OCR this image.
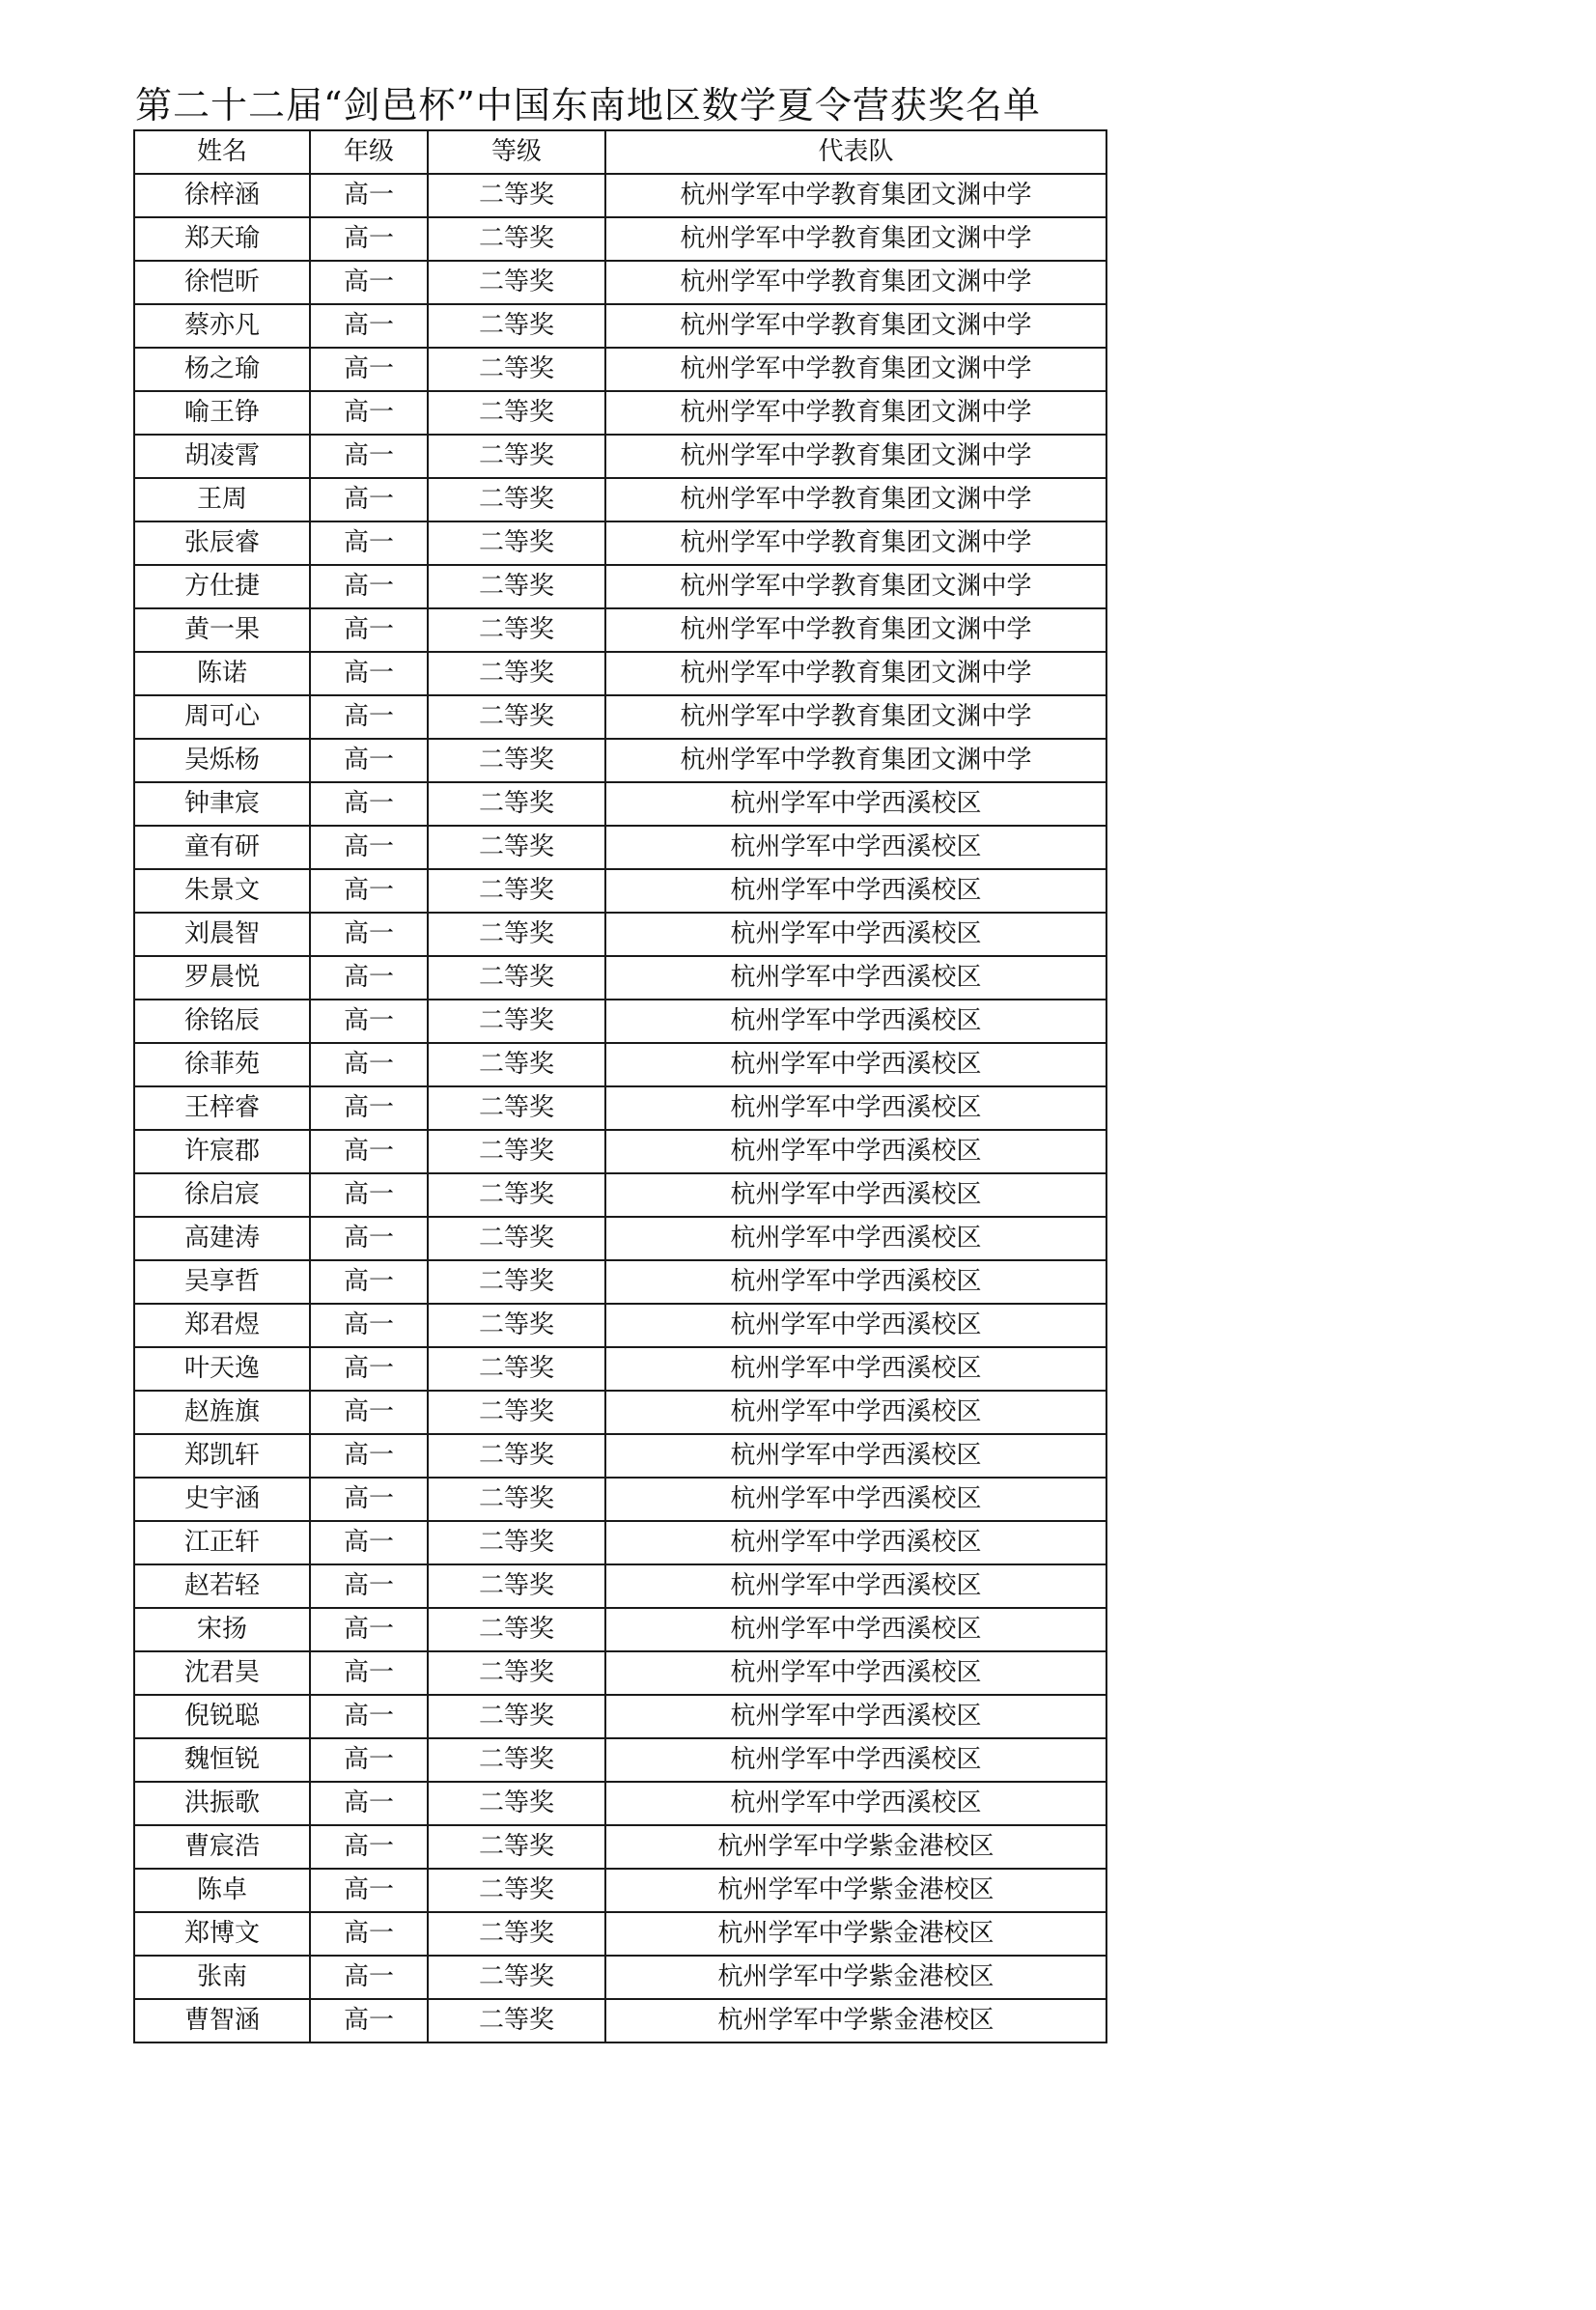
第二十二届“剑邑杯”中国东南地区数学夏令营获奖名单
姓名	年级	等级	代表队
徐梓涵	高一	二等奖	杭州学军中学教育集团文渊中学
郑天瑜	高一	二等奖	杭州学军中学教育集团文渊中学
徐恺昕	高一	二等奖	杭州学军中学教育集团文渊中学
蔡亦凡	高一	二等奖	杭州学军中学教育集团文渊中学
杨之瑜	高一	二等奖	杭州学军中学教育集团文渊中学
喻王铮	高一	二等奖	杭州学军中学教育集团文渊中学
胡凌霄	高一	二等奖	杭州学军中学教育集团文渊中学
王周	高一	二等奖	杭州学军中学教育集团文渊中学
张辰睿	高一	二等奖	杭州学军中学教育集团文渊中学
方仕捷	高一	二等奖	杭州学军中学教育集团文渊中学
黄一果	高一	二等奖	杭州学军中学教育集团文渊中学
陈诺	高一	二等奖	杭州学军中学教育集团文渊中学
周可心	高一	二等奖	杭州学军中学教育集团文渊中学
吴烁杨	高一	二等奖	杭州学军中学教育集团文渊中学
钟聿宸	高一	二等奖	杭州学军中学西溪校区
童有研	高一	二等奖	杭州学军中学西溪校区
朱景文	高一	二等奖	杭州学军中学西溪校区
刘晨智	高一	二等奖	杭州学军中学西溪校区
罗晨悦	高一	二等奖	杭州学军中学西溪校区
徐铭辰	高一	二等奖	杭州学军中学西溪校区
徐菲苑	高一	二等奖	杭州学军中学西溪校区
王梓睿	高一	二等奖	杭州学军中学西溪校区
许宸郡	高一	二等奖	杭州学军中学西溪校区
徐启宸	高一	二等奖	杭州学军中学西溪校区
高建涛	高一	二等奖	杭州学军中学西溪校区
吴享哲	高一	二等奖	杭州学军中学西溪校区
郑君煜	高一	二等奖	杭州学军中学西溪校区
叶天逸	高一	二等奖	杭州学军中学西溪校区
赵旌旗	高一	二等奖	杭州学军中学西溪校区
郑凯轩	高一	二等奖	杭州学军中学西溪校区
史宇涵	高一	二等奖	杭州学军中学西溪校区
江正轩	高一	二等奖	杭州学军中学西溪校区
赵若轻	高一	二等奖	杭州学军中学西溪校区
宋扬	高一	二等奖	杭州学军中学西溪校区
沈君昊	高一	二等奖	杭州学军中学西溪校区
倪锐聪	高一	二等奖	杭州学军中学西溪校区
魏恒锐	高一	二等奖	杭州学军中学西溪校区
洪振歌	高一	二等奖	杭州学军中学西溪校区
曹宸浩	高一	二等奖	杭州学军中学紫金港校区
陈卓	高一	二等奖	杭州学军中学紫金港校区
郑博文	高一	二等奖	杭州学军中学紫金港校区
张南	高一	二等奖	杭州学军中学紫金港校区
曹智涵	高一	二等奖	杭州学军中学紫金港校区
